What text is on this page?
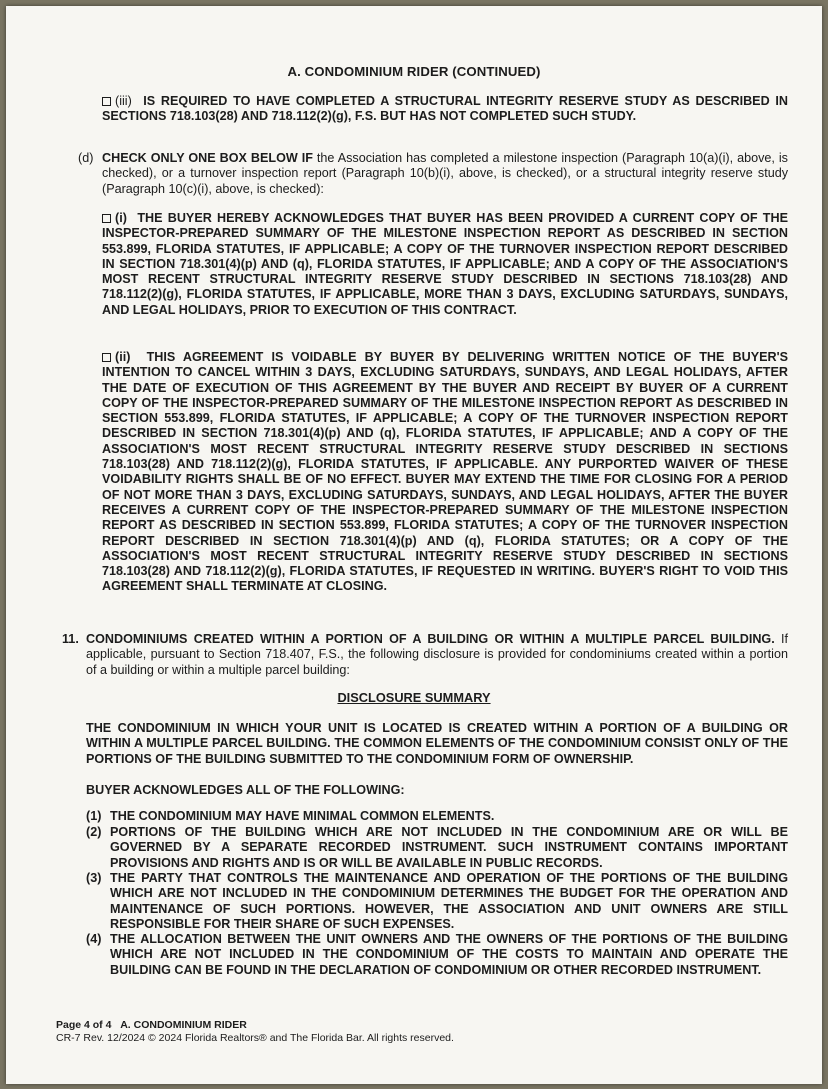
A. CONDOMINIUM RIDER (CONTINUED)

(iii) IS REQUIRED TO HAVE COMPLETED A STRUCTURAL INTEGRITY RESERVE STUDY AS DESCRIBED IN SECTIONS 718.103(28) AND 718.112(2)(g), F.S. BUT HAS NOT COMPLETED SUCH STUDY.

(d) CHECK ONLY ONE BOX BELOW IF the Association has completed a milestone inspection (Paragraph 10(a)(i), above, is checked), or a turnover inspection report (Paragraph 10(b)(i), above, is checked), or a structural integrity reserve study (Paragraph 10(c)(i), above, is checked):

(i) THE BUYER HEREBY ACKNOWLEDGES THAT BUYER HAS BEEN PROVIDED A CURRENT COPY OF THE INSPECTOR-PREPARED SUMMARY OF THE MILESTONE INSPECTION REPORT AS DESCRIBED IN SECTION 553.899, FLORIDA STATUTES, IF APPLICABLE; A COPY OF THE TURNOVER INSPECTION REPORT DESCRIBED IN SECTION 718.301(4)(p) AND (q), FLORIDA STATUTES, IF APPLICABLE; AND A COPY OF THE ASSOCIATION'S MOST RECENT STRUCTURAL INTEGRITY RESERVE STUDY DESCRIBED IN SECTIONS 718.103(28) AND 718.112(2)(g), FLORIDA STATUTES, IF APPLICABLE, MORE THAN 3 DAYS, EXCLUDING SATURDAYS, SUNDAYS, AND LEGAL HOLIDAYS, PRIOR TO EXECUTION OF THIS CONTRACT.

(ii) THIS AGREEMENT IS VOIDABLE BY BUYER BY DELIVERING WRITTEN NOTICE OF THE BUYER'S INTENTION TO CANCEL WITHIN 3 DAYS, EXCLUDING SATURDAYS, SUNDAYS, AND LEGAL HOLIDAYS, AFTER THE DATE OF EXECUTION OF THIS AGREEMENT BY THE BUYER AND RECEIPT BY BUYER OF A CURRENT COPY OF THE INSPECTOR-PREPARED SUMMARY OF THE MILESTONE INSPECTION REPORT AS DESCRIBED IN SECTION 553.899, FLORIDA STATUTES, IF APPLICABLE; A COPY OF THE TURNOVER INSPECTION REPORT DESCRIBED IN SECTION 718.301(4)(p) AND (q), FLORIDA STATUTES, IF APPLICABLE; AND A COPY OF THE ASSOCIATION'S MOST RECENT STRUCTURAL INTEGRITY RESERVE STUDY DESCRIBED IN SECTIONS 718.103(28) AND 718.112(2)(g), FLORIDA STATUTES, IF APPLICABLE. ANY PURPORTED WAIVER OF THESE VOIDABILITY RIGHTS SHALL BE OF NO EFFECT. BUYER MAY EXTEND THE TIME FOR CLOSING FOR A PERIOD OF NOT MORE THAN 3 DAYS, EXCLUDING SATURDAYS, SUNDAYS, AND LEGAL HOLIDAYS, AFTER THE BUYER RECEIVES A CURRENT COPY OF THE INSPECTOR-PREPARED SUMMARY OF THE MILESTONE INSPECTION REPORT AS DESCRIBED IN SECTION 553.899, FLORIDA STATUTES; A COPY OF THE TURNOVER INSPECTION REPORT DESCRIBED IN SECTION 718.301(4)(p) AND (q), FLORIDA STATUTES; OR A COPY OF THE ASSOCIATION'S MOST RECENT STRUCTURAL INTEGRITY RESERVE STUDY DESCRIBED IN SECTIONS 718.103(28) AND 718.112(2)(g), FLORIDA STATUTES, IF REQUESTED IN WRITING. BUYER'S RIGHT TO VOID THIS AGREEMENT SHALL TERMINATE AT CLOSING.

11. CONDOMINIUMS CREATED WITHIN A PORTION OF A BUILDING OR WITHIN A MULTIPLE PARCEL BUILDING. If applicable, pursuant to Section 718.407, F.S., the following disclosure is provided for condominiums created within a portion of a building or within a multiple parcel building:

DISCLOSURE SUMMARY

THE CONDOMINIUM IN WHICH YOUR UNIT IS LOCATED IS CREATED WITHIN A PORTION OF A BUILDING OR WITHIN A MULTIPLE PARCEL BUILDING. THE COMMON ELEMENTS OF THE CONDOMINIUM CONSIST ONLY OF THE PORTIONS OF THE BUILDING SUBMITTED TO THE CONDOMINIUM FORM OF OWNERSHIP.

BUYER ACKNOWLEDGES ALL OF THE FOLLOWING:

(1) THE CONDOMINIUM MAY HAVE MINIMAL COMMON ELEMENTS.

(2) PORTIONS OF THE BUILDING WHICH ARE NOT INCLUDED IN THE CONDOMINIUM ARE OR WILL BE GOVERNED BY A SEPARATE RECORDED INSTRUMENT. SUCH INSTRUMENT CONTAINS IMPORTANT PROVISIONS AND RIGHTS AND IS OR WILL BE AVAILABLE IN PUBLIC RECORDS.

(3) THE PARTY THAT CONTROLS THE MAINTENANCE AND OPERATION OF THE PORTIONS OF THE BUILDING WHICH ARE NOT INCLUDED IN THE CONDOMINIUM DETERMINES THE BUDGET FOR THE OPERATION AND MAINTENANCE OF SUCH PORTIONS. HOWEVER, THE ASSOCIATION AND UNIT OWNERS ARE STILL RESPONSIBLE FOR THEIR SHARE OF SUCH EXPENSES.

(4) THE ALLOCATION BETWEEN THE UNIT OWNERS AND THE OWNERS OF THE PORTIONS OF THE BUILDING WHICH ARE NOT INCLUDED IN THE CONDOMINIUM OF THE COSTS TO MAINTAIN AND OPERATE THE BUILDING CAN BE FOUND IN THE DECLARATION OF CONDOMINIUM OR OTHER RECORDED INSTRUMENT.

Page 4 of 4 A. CONDOMINIUM RIDER
CR-7 Rev. 12/2024 © 2024 Florida Realtors® and The Florida Bar. All rights reserved.
